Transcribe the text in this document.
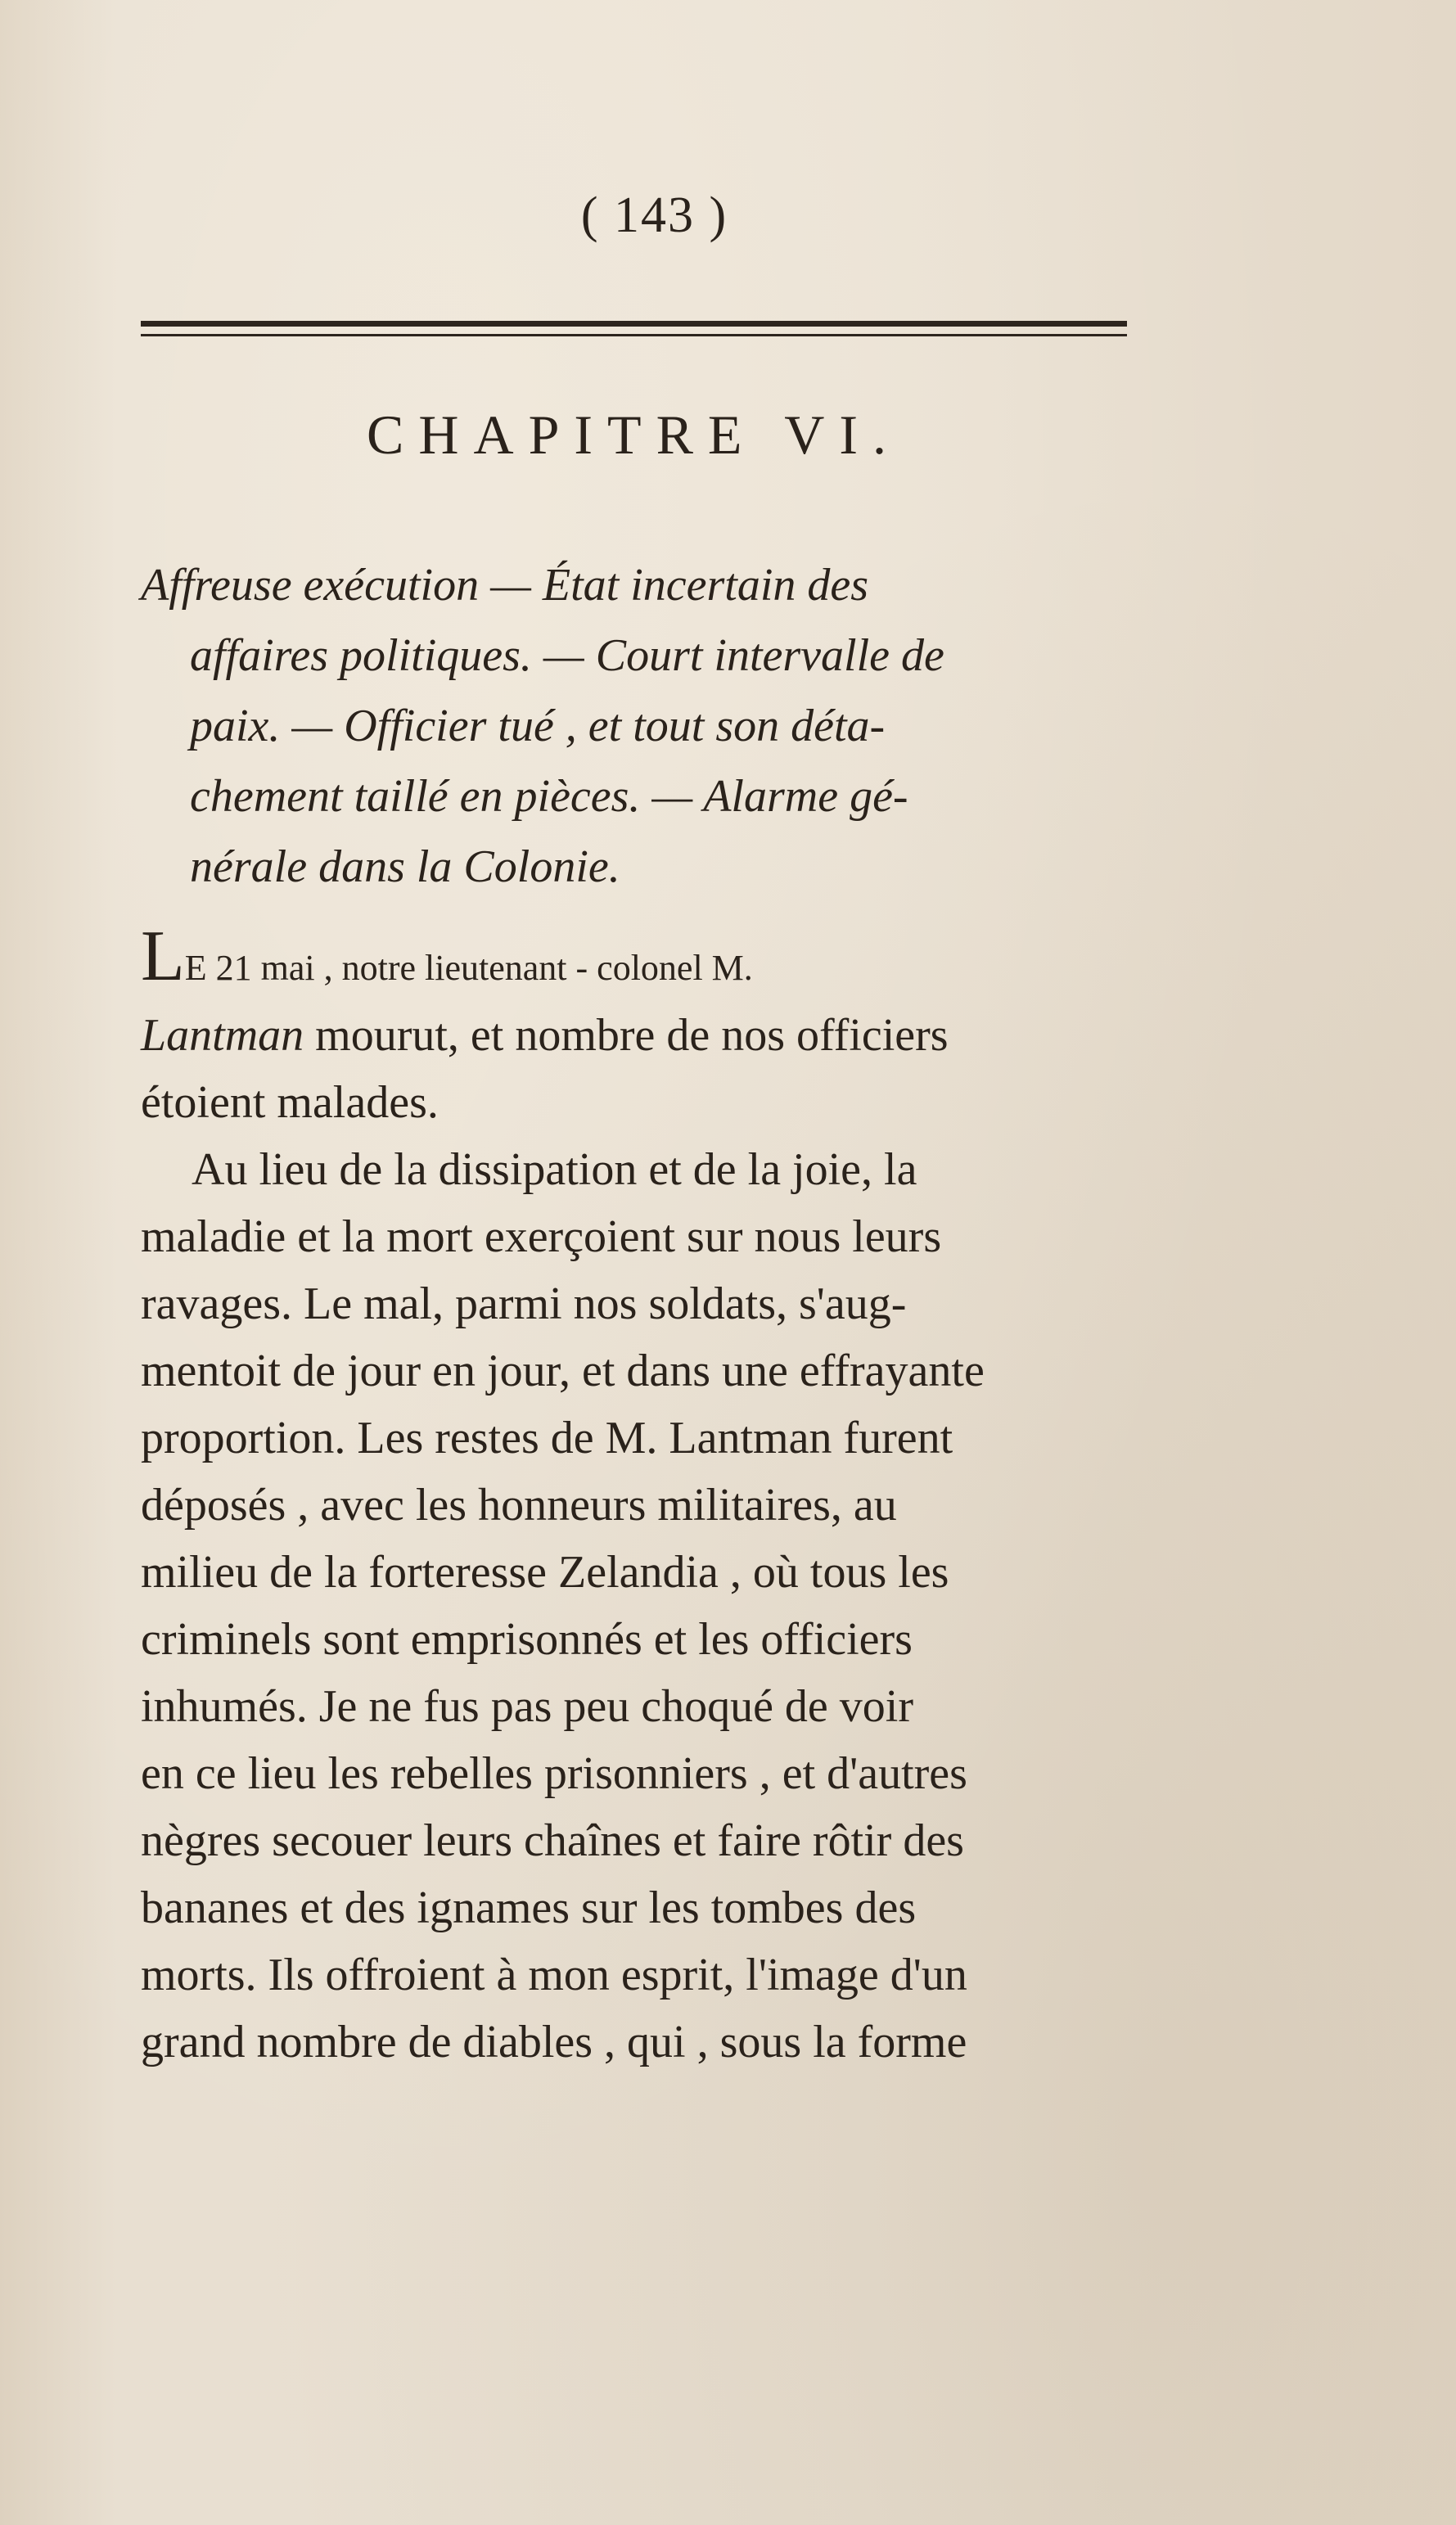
( 143 )
CHAPITRE VI.
Affreuse exécution — État incertain des
affaires politiques. — Court intervalle de
paix. — Officier tué , et tout son déta-
chement taillé en pièces. — Alarme gé-
nérale dans la Colonie.
LE 21 mai , notre lieutenant - colonel M.
Lantman mourut, et nombre de nos officiers
étoient malades.
Au lieu de la dissipation et de la joie, la
maladie et la mort exerçoient sur nous leurs
ravages. Le mal, parmi nos soldats, s'aug-
mentoit de jour en jour, et dans une effrayante
proportion. Les restes de M. Lantman furent
déposés , avec les honneurs militaires, au
milieu de la forteresse Zelandia , où tous les
criminels sont emprisonnés et les officiers
inhumés. Je ne fus pas peu choqué de voir
en ce lieu les rebelles prisonniers , et d'autres
nègres secouer leurs chaînes et faire rôtir des
bananes et des ignames sur les tombes des
morts. Ils offroient à mon esprit, l'image d'un
grand nombre de diables , qui , sous la forme
